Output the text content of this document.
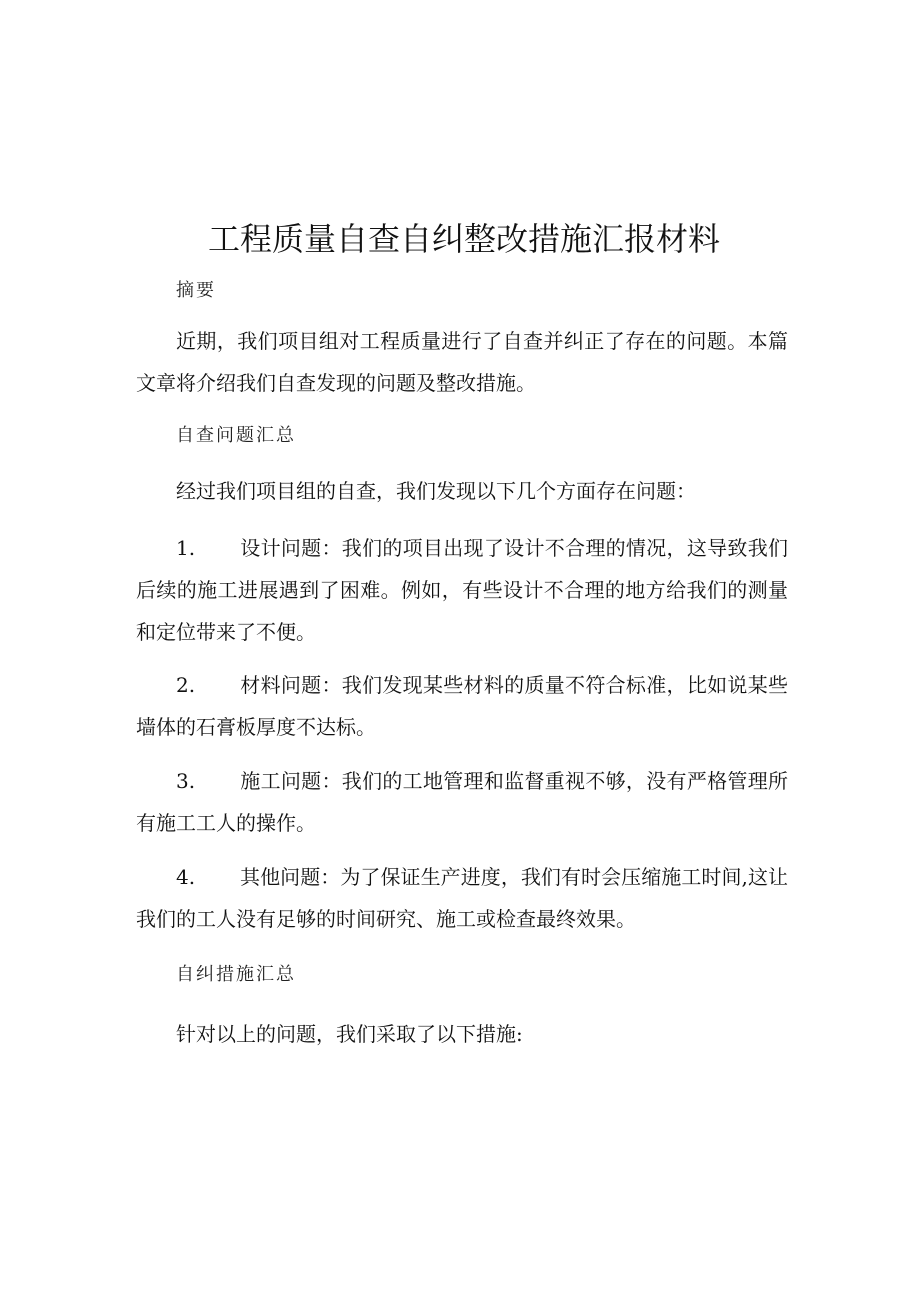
工程质量自查自纠整改措施汇报材料
摘要
近期，我们项目组对工程质量进行了自查并纠正了存在的问题。本篇文章将介绍我们自查发现的问题及整改措施。
自查问题汇总
经过我们项目组的自查，我们发现以下几个方面存在问题：
1. 设计问题：我们的项目出现了设计不合理的情况，这导致我们后续的施工进展遇到了困难。例如，有些设计不合理的地方给我们的测量和定位带来了不便。
2. 材料问题：我们发现某些材料的质量不符合标准，比如说某些墙体的石膏板厚度不达标。
3. 施工问题：我们的工地管理和监督重视不够，没有严格管理所有施工工人的操作。
4. 其他问题：为了保证生产进度，我们有时会压缩施工时间,这让我们的工人没有足够的时间研究、施工或检查最终效果。
自纠措施汇总
针对以上的问题，我们采取了以下措施:
